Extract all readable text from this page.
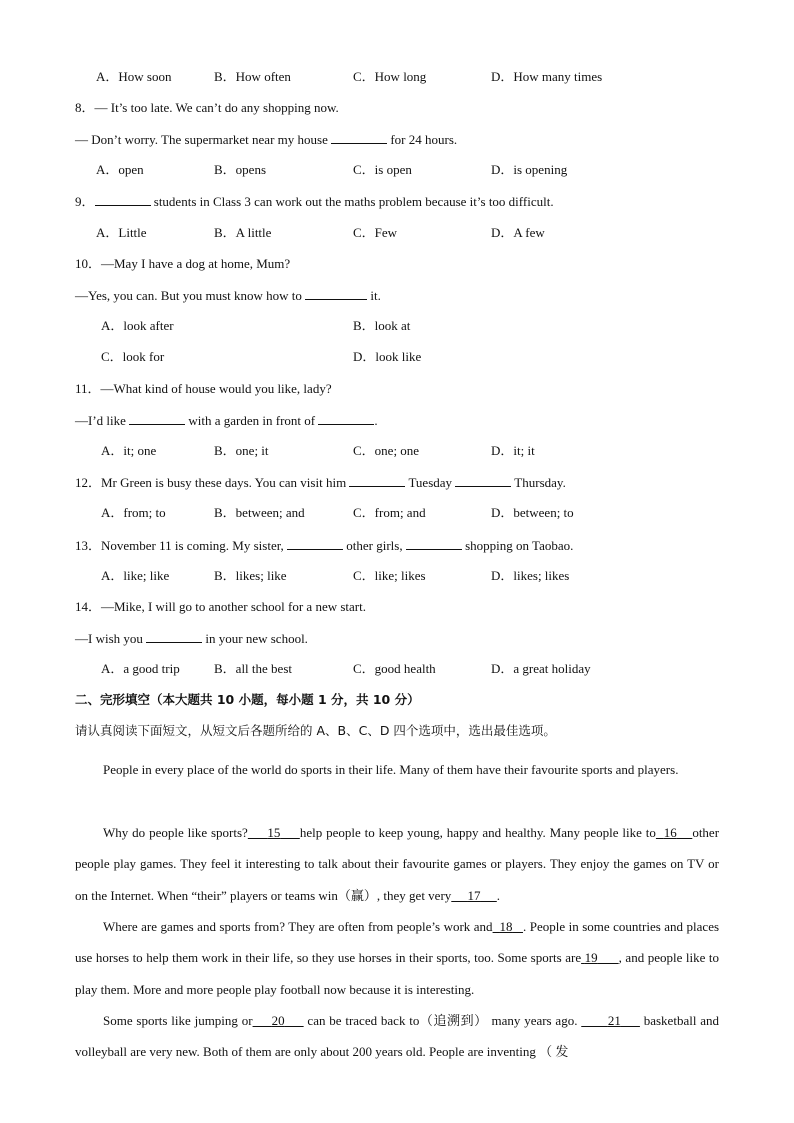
A．How soon	B．How often	C．How long	D．How many times
8．— It’s too late. We can’t do any shopping now.
— Don’t worry. The supermarket near my house	for 24 hours.
A．open	B．opens	C．is open	D．is opening
9．	students in Class 3 can work out the maths problem because it’s too difficult.
A．Little	B．A little	C．Few	D．A few
10．—May I have a dog at home, Mum?
—Yes, you can. But you must know how to	it.
A．look after	B．look at
C．look for	D．look like
11．—What kind of house would you like, lady?
—I’d like	with a garden in front of	.
A．it; one	B．one; it	C．one; one	D．it; it
12．Mr Green is busy these days. You can visit him	Tuesday	Thursday.
A．from; to	B．between; and	C．from; and	D．between; to
13．November 11 is coming. My sister,	other girls,	shopping on Taobao.
A．like; like	B．likes; like	C．like; likes	D．likes; likes
14．—Mike, I will go to another school for a new start.
—I wish you	in your new school.
A．a good trip	B．all the best	C．good health	D．a great holiday
二、完形填空（本大题共 10 小题，每小题 1 分，共 10 分）
请认真阅读下面短文，从短文后各题所给的 A、B、C、D 四个选项中，选出最佳选项。
People in every place of the world do sports in their life. Many of them have their favourite sports and players.
Why do people like sports? 15 help people to keep young, happy and healthy. Many people like to 16 other people play games. They feel it interesting to talk about their favourite games or players. They enjoy the games on TV or on the Internet. When “their” players or teams win（赢）, they get very 17 .
Where are games and sports from? They are often from people’s work and 18 . People in some countries and places use horses to help them work in their life, so they use horses in their sports, too. Some sports are 19 , and people like to play them. More and more people play football now because it is interesting.
Some sports like jumping or 20      can be traced back to（追溯到） many years ago.        21      basketball and volleyball are very new. Both of them are only about 200 years old. People are inventing （ 发
